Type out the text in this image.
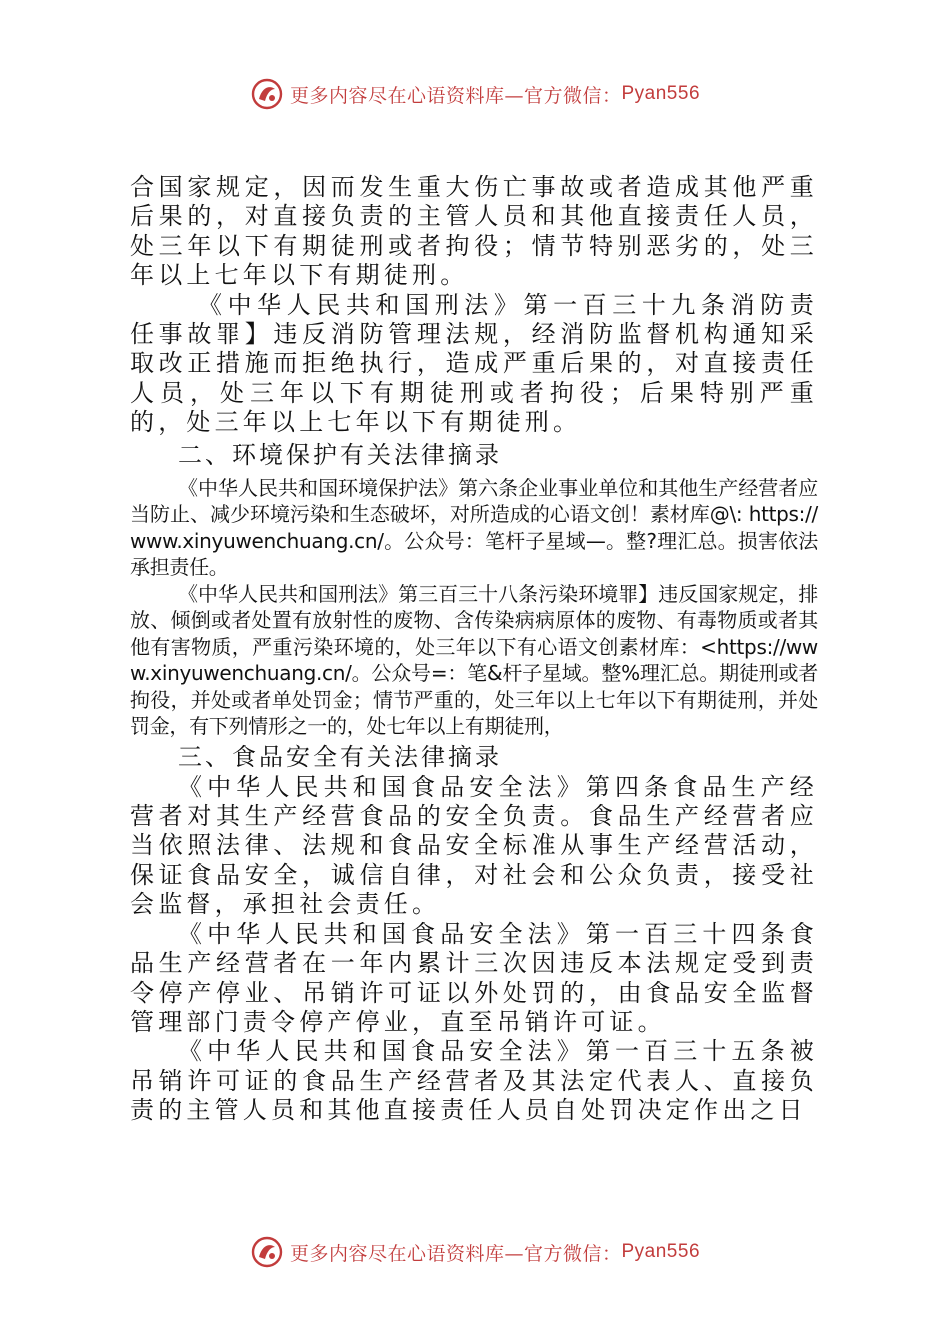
更多内容尽在心语资料库—官方微信： Pyan556

合国家规定，因而发生重大伤亡事故或者造成其他严重后果的，对直接负责的主管人员和其他直接责任人员，处三年以下有期徒刑或者拘役；情节特别恶劣的，处三年以上七年以下有期徒刑。

《中华人民共和国刑法》第一百三十九条消防责任事故罪】违反消防管理法规，经消防监督机构通知采取改正措施而拒绝执行，造成严重后果的，对直接责任人员，处三年以下有期徒刑或者拘役；后果特别严重的，处三年以上七年以下有期徒刑。

二、环境保护有关法律摘录

《中华人民共和国环境保护法》第六条企业事业单位和其他生产经营者应当防止、减少环境污染和生态破坏，对所造成的心语文创！素材库@\: https://www.xinyuwenchuang.cn/。公众号：笔杆子星域—。整?理汇总。损害依法承担责任。

《中华人民共和国刑法》第三百三十八条污染环境罪】违反国家规定，排放、倾倒或者处置有放射性的废物、含传染病病原体的废物、有毒物质或者其他有害物质，严重污染环境的，处三年以下有心语文创素材库：<https://www.xinyuwenchuang.cn/。公众号=：笔&杆子星域。整%理汇总。期徒刑或者拘役，并处或者单处罚金；情节严重的，处三年以上七年以下有期徒刑，并处罚金，有下列情形之一的，处七年以上有期徒刑，

三、食品安全有关法律摘录

《中华人民共和国食品安全法》第四条食品生产经营者对其生产经营食品的安全负责。食品生产经营者应当依照法律、法规和食品安全标准从事生产经营活动，保证食品安全，诚信自律，对社会和公众负责，接受社会监督，承担社会责任。

《中华人民共和国食品安全法》第一百三十四条食品生产经营者在一年内累计三次因违反本法规定受到责令停产停业、吊销许可证以外处罚的，由食品安全监督管理部门责令停产停业，直至吊销许可证。

《中华人民共和国食品安全法》第一百三十五条被吊销许可证的食品生产经营者及其法定代表人、直接负责的主管人员和其他直接责任人员自处罚决定作出之日

更多内容尽在心语资料库—官方微信： Pyan556
